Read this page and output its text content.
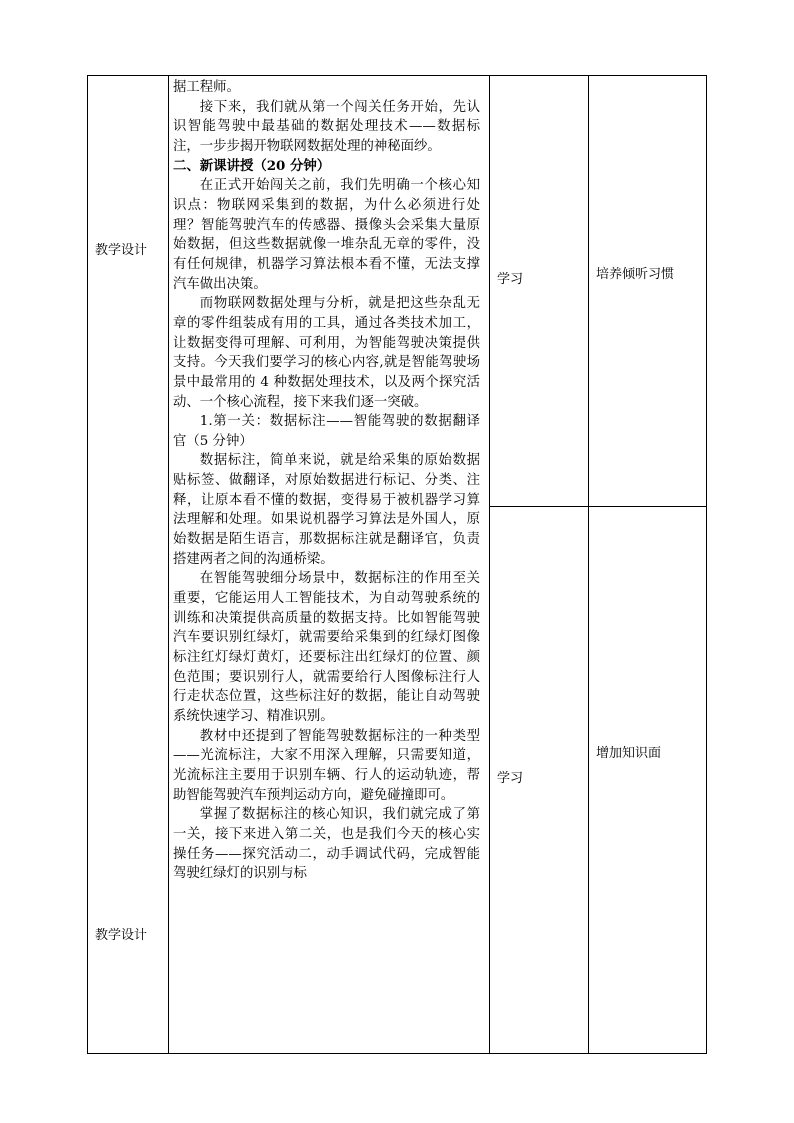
教学设计
教学设计
学习
学习
培养倾听习惯
增加知识面

据工程师。

接下来，我们就从第一个闯关任务开始，先认识智能驾驶中最基础的数据处理技术——数据标注，一步步揭开物联网数据处理的神秘面纱。

二、新课讲授（20 分钟）

在正式开始闯关之前，我们先明确一个核心知识点：物联网采集到的数据，为什么必须进行处理？智能驾驶汽车的传感器、摄像头会采集大量原始数据，但这些数据就像一堆杂乱无章的零件，没有任何规律，机器学习算法根本看不懂，无法支撑汽车做出决策。

而物联网数据处理与分析，就是把这些杂乱无章的零件组装成有用的工具，通过各类技术加工，让数据变得可理解、可利用，为智能驾驶决策提供支持。今天我们要学习的核心内容,就是智能驾驶场景中最常用的 4 种数据处理技术，以及两个探究活动、一个核心流程，接下来我们逐一突破。

1.第一关：数据标注——智能驾驶的数据翻译官（5 分钟）

数据标注，简单来说，就是给采集的原始数据贴标签、做翻译，对原始数据进行标记、分类、注释，让原本看不懂的数据，变得易于被机器学习算法理解和处理。如果说机器学习算法是外国人，原始数据是陌生语言，那数据标注就是翻译官，负责搭建两者之间的沟通桥梁。

在智能驾驶细分场景中，数据标注的作用至关重要，它能运用人工智能技术，为自动驾驶系统的训练和决策提供高质量的数据支持。比如智能驾驶汽车要识别红绿灯，就需要给采集到的红绿灯图像标注红灯绿灯黄灯，还要标注出红绿灯的位置、颜色范围；要识别行人，就需要给行人图像标注行人行走状态位置，这些标注好的数据，能让自动驾驶系统快速学习、精准识别。

教材中还提到了智能驾驶数据标注的一种类型——光流标注，大家不用深入理解，只需要知道，光流标注主要用于识别车辆、行人的运动轨迹，帮助智能驾驶汽车预判运动方向，避免碰撞即可。

掌握了数据标注的核心知识，我们就完成了第一关，接下来进入第二关，也是我们今天的核心实操任务——探究活动二，动手调试代码，完成智能驾驶红绿灯的识别与标
